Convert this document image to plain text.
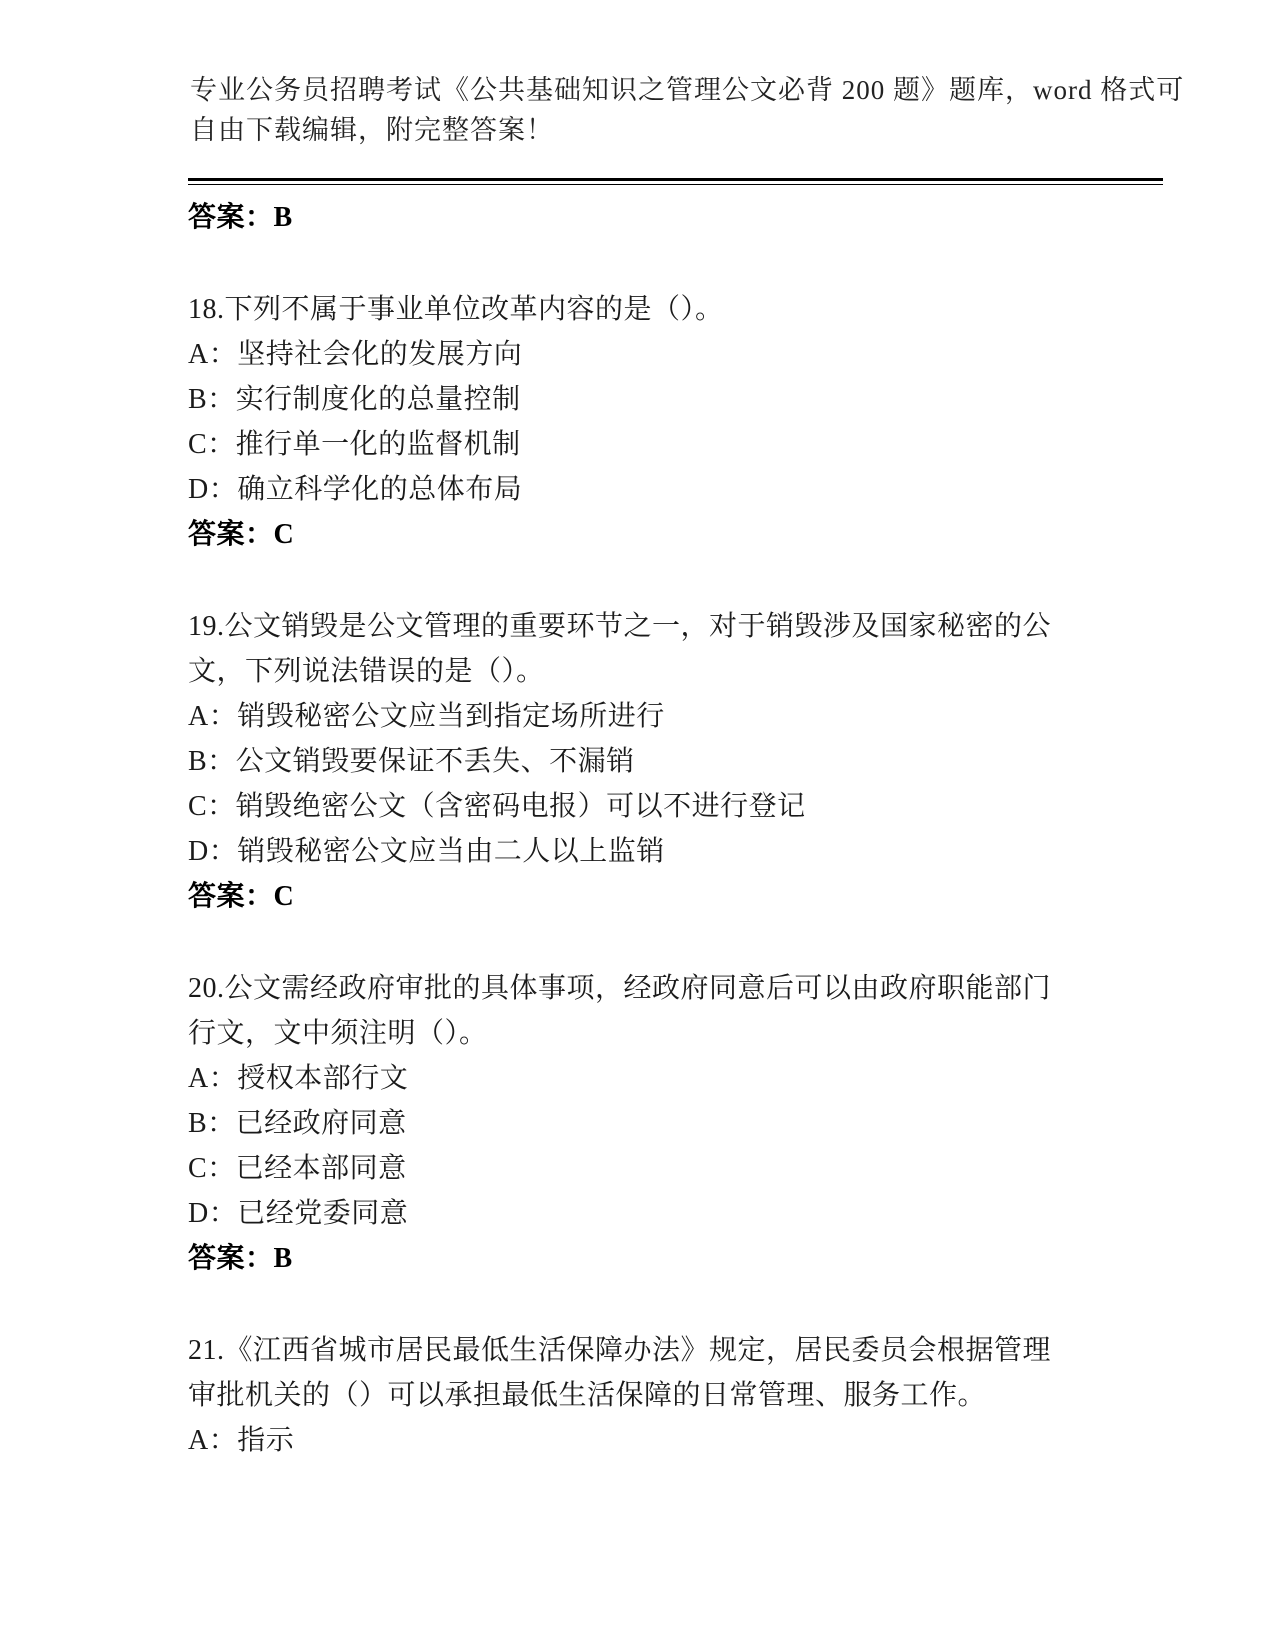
专业公务员招聘考试《公共基础知识之管理公文必背 200 题》题库，word 格式可
自由下载编辑，附完整答案！
答案：B
18.下列不属于事业单位改革内容的是（）。
A：坚持社会化的发展方向
B：实行制度化的总量控制
C：推行单一化的监督机制
D：确立科学化的总体布局
答案：C
19.公文销毁是公文管理的重要环节之一，对于销毁涉及国家秘密的公
文，下列说法错误的是（）。
A：销毁秘密公文应当到指定场所进行
B：公文销毁要保证不丢失、不漏销
C：销毁绝密公文（含密码电报）可以不进行登记
D：销毁秘密公文应当由二人以上监销
答案：C
20.公文需经政府审批的具体事项，经政府同意后可以由政府职能部门
行文，文中须注明（）。
A：授权本部行文
B：已经政府同意
C：已经本部同意
D：已经党委同意
答案：B
21.《江西省城市居民最低生活保障办法》规定，居民委员会根据管理
审批机关的（）可以承担最低生活保障的日常管理、服务工作。
A：指示
